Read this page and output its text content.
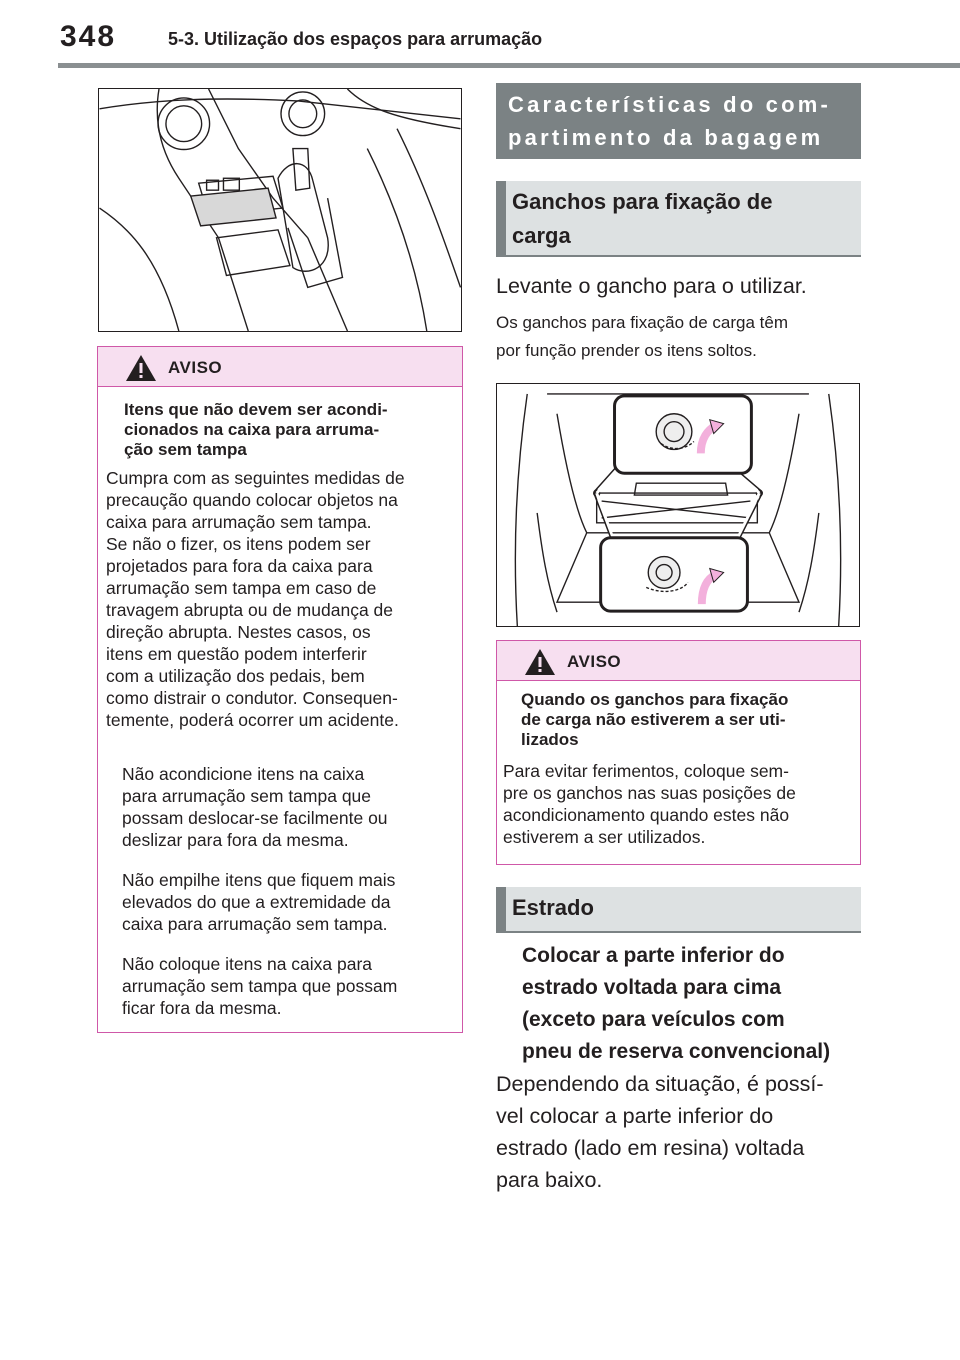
348	5-3. Utilização dos espaços para arrumação
AVISO
Itens que não devem ser acondi-
cionados na caixa para arruma-
ção sem tampa
Cumpra com as seguintes medidas de
precaução quando colocar objetos na
caixa para arrumação sem tampa.
Se não o fizer, os itens podem ser
projetados para fora da caixa para
arrumação sem tampa em caso de
travagem abrupta ou de mudança de
direção abrupta. Nestes casos, os
itens em questão podem interferir
com a utilização dos pedais, bem
como distrair o condutor. Consequen-
temente, poderá ocorrer um acidente.
Não acondicione itens na caixa
para arrumação sem tampa que
possam deslocar-se facilmente ou
deslizar para fora da mesma.
Não empilhe itens que fiquem mais
elevados do que a extremidade da
caixa para arrumação sem tampa.
Não coloque itens na caixa para
arrumação sem tampa que possam
ficar fora da mesma.
Características do com-
partimento da bagagem
Ganchos para fixação de
carga
Levante o gancho para o utilizar.
Os ganchos para fixação de carga têm
por função prender os itens soltos.
AVISO
Quando os ganchos para fixação
de carga não estiverem a ser uti-
lizados
Para evitar ferimentos, coloque sem-
pre os ganchos nas suas posições de
acondicionamento quando estes não
estiverem a ser utilizados.
Estrado
Colocar a parte inferior do
estrado voltada para cima
(exceto para veículos com
pneu de reserva convencional)
Dependendo da situação, é possí-
vel colocar a parte inferior do
estrado (lado em resina) voltada
para baixo.
